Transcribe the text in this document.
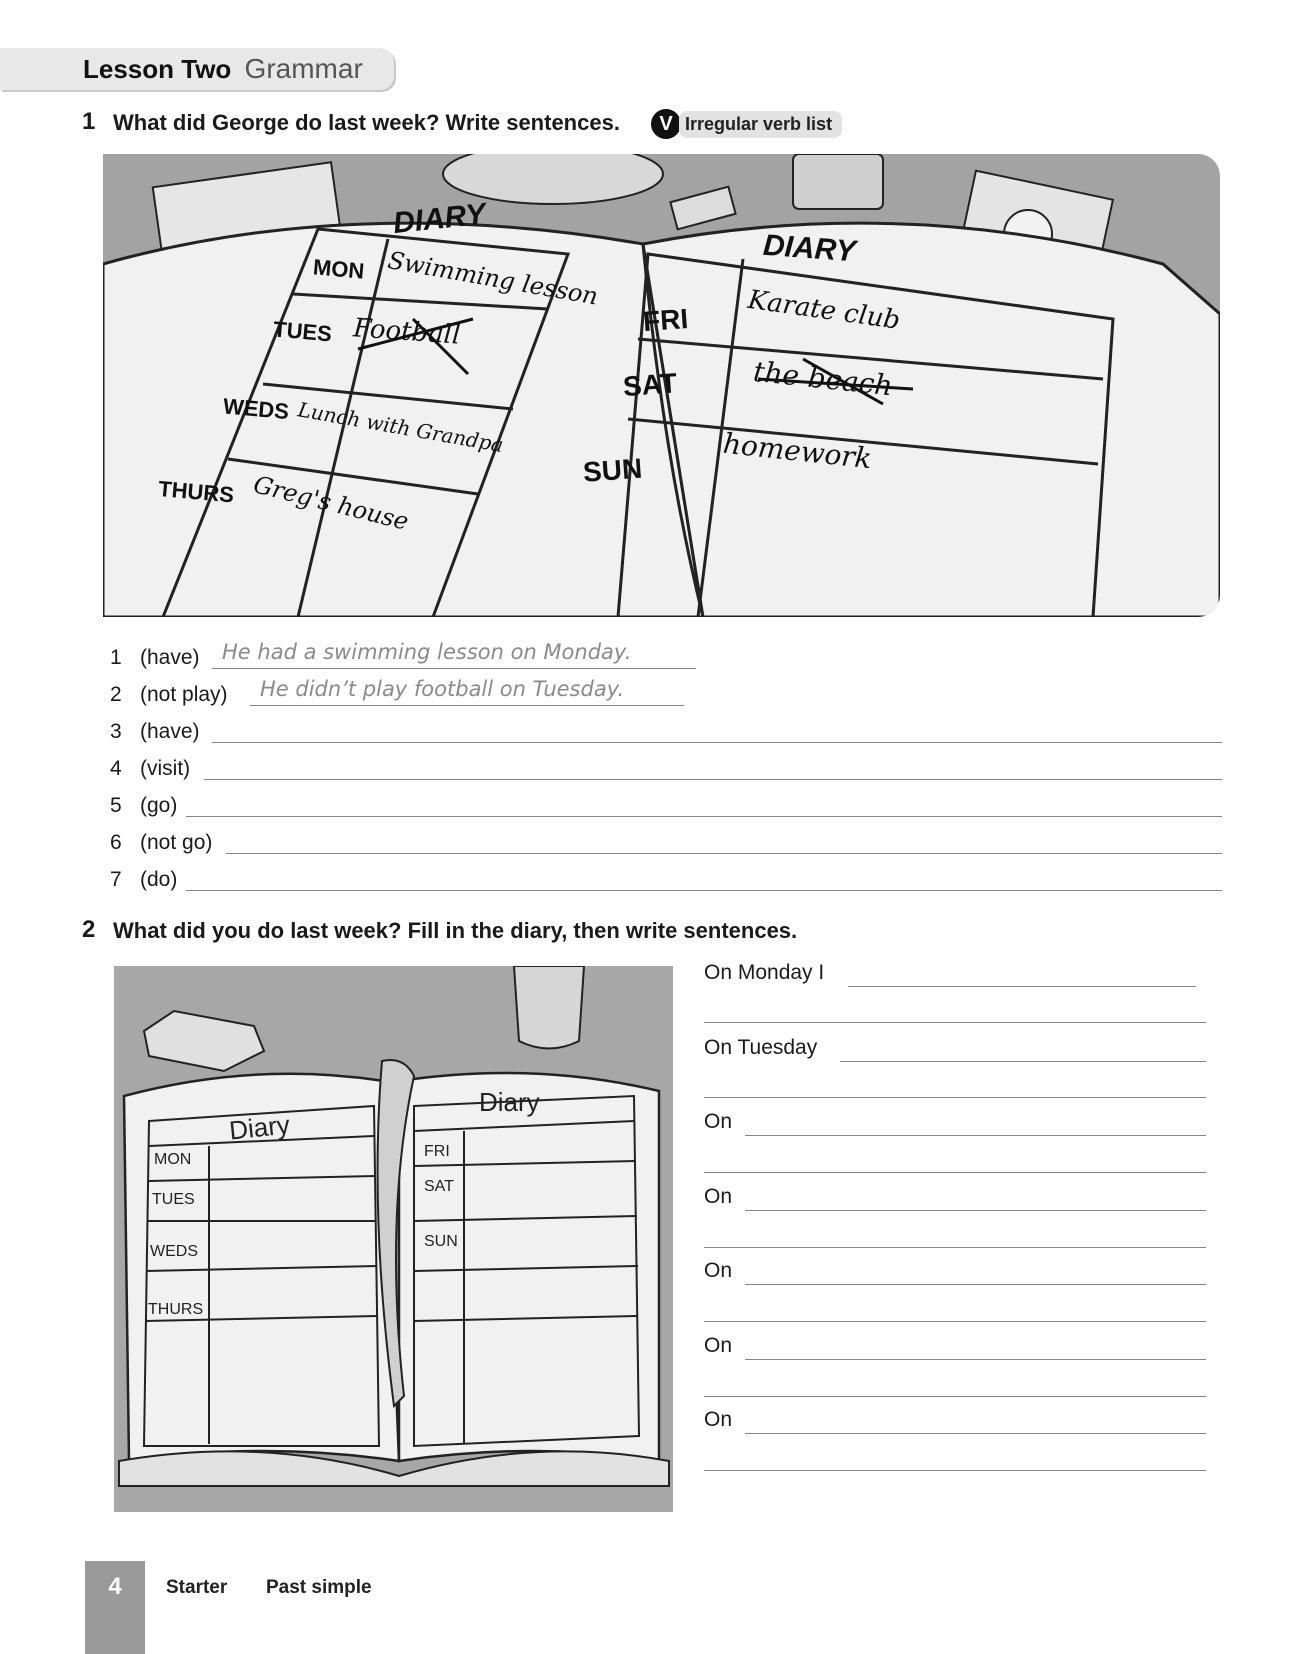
Lesson Two Grammar
1 What did George do last week? Write sentences.	V Irregular verb list
DIARY
DIARY
MON
TUES
WEDS
THURS
FRI
SAT
SUN
Swimming lesson
Football
Lunch with Grandpa
Greg's house
Karate club
the beach
homework
1 (have) He had a swimming lesson on Monday.
2 (not play) He didn’t play football on Tuesday.
3 (have)
4 (visit)
5 (go)
6 (not go)
7 (do)
2 What did you do last week? Fill in the diary, then write sentences.
Diary
Diary
MON
TUES
WEDS
THURS
FRI
SAT
SUN
On Monday I
On Tuesday
On
On
On
On
On
4	Starter Past simple
